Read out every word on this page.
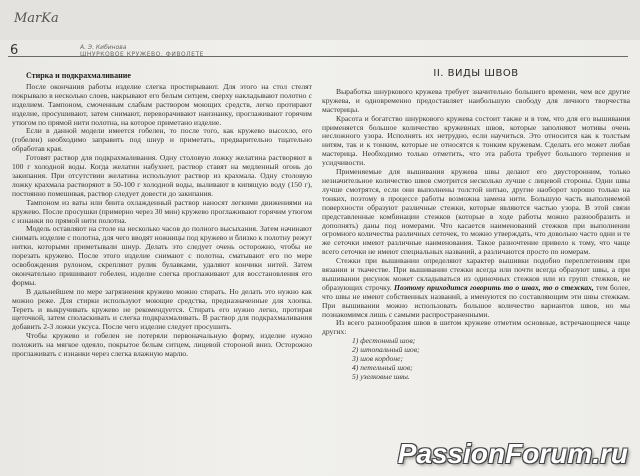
MarKa
6	А. Э. Кибинова
ШНУРКОВОЕ КРУЖЕВО. ФИВОЛЕТЕ
Стирка и подкрахмаливание

После окончания работы изделие слегка простирывают. Для этого на стол стелят покрывало в несколько слоев, накрывают его белым ситцем, сверху накладывают полотно с изделием. Тампоном, смоченным слабым раствором моющих средств, легко протирают изделие, просушивают, затем снимают, переворачивают наизнанку, проглаживают горячим утюгом по прямой нити полотна, на которое приметано изделие.

Если в данной модели имеется гобелен, то после того, как кружево высохло, его (гобелен) необходимо заправить под шнур и приметать, предварительно тщательно обработав края.

Готовят раствор для подкрахмаливания. Одну столовую ложку желатина растворяют в 100 г холодной воды. Когда желатин набухнет, раствор ставят на медленный огонь до закипания. При отсутствии желатина используют раствор из крахмала. Одну столовую ложку крахмала растворяют в 50-100 г холодной воды, выливают в кипящую воду (150 г), постоянно помешивая, раствор следует довести до закипания.

Тампоном из ваты или бинта охлажденный раствор наносят легкими движениями на кружево. После просушки (примерно через 30 мин) кружево проглаживают горячим утюгом с изнанки по прямой нити полотна.

Модель оставляют на столе на несколько часов до полного высыхания. Затем начинают снимать изделие с полотна, для чего вводят ножницы под кружево и близко к полотну режут нитки, которыми приметывали шнур. Делать это следует очень осторожно, чтобы не порезать кружево. После этого изделие снимают с полотна, сматывают его по мере освобождения рулоном, скрепляют рулик булавками, удаляют кончики нитей. Затем окончательно пришивают гобелен, изделие слегка проглаживают для восстановления его формы.

В дальнейшем по мере загрязнения кружево можно стирать. Но делать это нужно как можно реже. Для стирки используют моющие средства, предназначенные для хлопка. Тереть и выкручивать кружево не рекомендуется. Стирать его нужно легко, протирая щеточкой, затем споласкивать и слегка подкрахмаливать. В раствор для подкрахмаливания добавить 2-3 ложки уксуса. После чего изделие следует просушить.

Чтобы кружево и гобелен не потеряли первоначальную форму, изделие нужно положить на мягкое одеяло, покрытое белым ситцем, лицевой стороной вниз. Осторожно проглаживать с изнанки через слегка влажную марлю.

II. ВИДЫ ШВОВ

Выработка шнуркового кружева требует значительно большего времени, чем все другие кружева, и одновременно предоставляет наибольшую свободу для личного творчества мастерицы.

Красота и богатство шнуркового кружева состоит также и в том, что для его вышивания применяется большое количество кружевных швов, которые заполняют мотивы очень несложного узора. Исполнять их нетрудно, если научиться. Это относится как к толстым нитям, так и к тонким, которые не относятся к тонким кружевам. Сделать его может любая мастерица. Необходимо только отметить, что эта работа требует большого терпения и усидчивости.

Применяемые для вышивания кружева швы делают его двусторонним, только незначительное количество швов смотрится несколько лучше с лицевой стороны. Одни швы лучше смотрятся, если они выполнены толстой нитью, другие наоборот хорошо только на тонких, поэтому в процессе работы возможна замена нити. Большую часть выполняемой поверхности образуют различные стежки, которые являются частью узора. В этой связи представленные комбинации стежков (которые в ходе работы можно разнообразить и дополнять) даны под номерами. Что касается наименований стежков при выполнении огромного количества различных сеточек, то можно утверждать, что довольно часто одни и те же сеточки имеют различные наименования. Такое разночтение привело к тому, что чаще всего сеточки не имеют специальных названий, а различаются просто по номерам.

Стежки при вышивании определяют характер вышивки подобно переплетениям при вязании и ткачестве. При вышивании стежки всегда или почти всегда образуют швы, а при вышивании рисунок может складываться из одиночных стежков или из групп стежков, не образующих строчку. Поэтому приходится говорить то о швах, то о стежках, тем более, что швы не имеют собственных названий, а именуются по составляющим эти швы стежкам. При вышивании можно использовать большое количество вариантов швов, но мы познакомимся лишь с самыми распространенными.

Из всего разнообразия швов в шитом кружеве отметим основные, встречающиеся чаще других:

1) фестонный шов;
2) штопальный шов;
3) шов кордоне;
4) петельный шов;
5) узелковые швы.
PassionForum.ru
